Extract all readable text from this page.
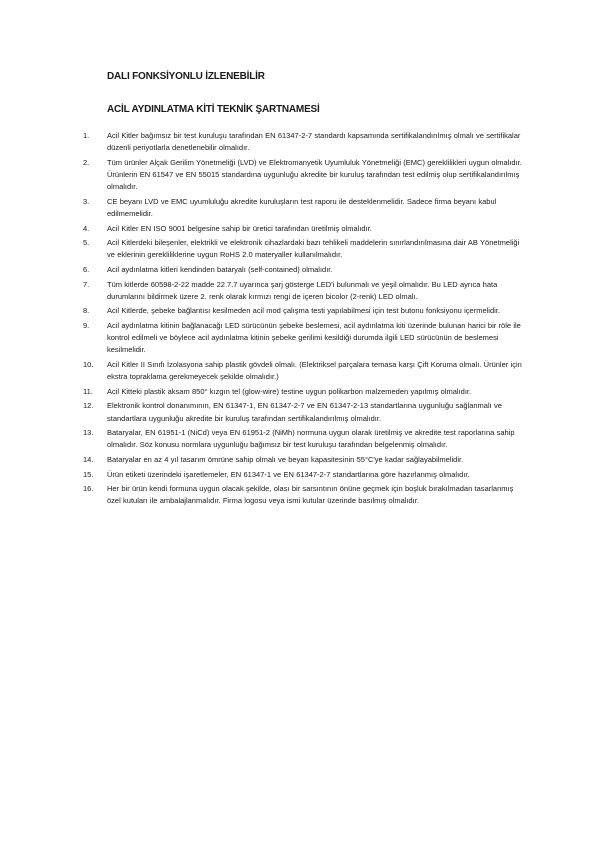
DALI FONKSİYONLU İZLENEBİLİR
ACİL AYDINLATMA KİTİ TEKNİK ŞARTNAMESİ
1.	Acil Kitler bağımsız bir test kuruluşu tarafından EN 61347-2-7 standardı kapsamında sertifikalandırılmış olmalı ve sertifikalar düzenli periyotlarla denetlenebilir olmalıdır.
2.	Tüm ürünler Alçak Gerilim Yönetmeliği (LVD) ve Elektromanyetik Uyumluluk Yönetmeliği (EMC) gereklilikleri uygun olmalıdır. Ürünlerin EN 61547 ve EN 55015 standardına uygunluğu akredite bir kuruluş tarafından test edilmiş olup sertifikalandırılmış olmalıdır.
3.	CE beyanı LVD ve EMC uyumluluğu akredite kuruluşların test raporu ile desteklenmelidir. Sadece firma beyanı kabul edilmemelidir.
4.	Acil Kitler EN ISO 9001 belgesine sahip bir üretici tarafından üretilmiş olmalıdır.
5.	Acil Kitlerdeki bileşenler, elektrikli ve elektronik cihazlardaki bazı tehlikeli maddelerin sınırlandırılmasına dair AB Yönetmeliği ve eklerinin gerekliliklerine uygun RoHS 2.0 materyaller kullanılmalıdır.
6.	Acil aydınlatma kitleri kendinden bataryalı (self-contained) olmalıdır.
7.	Tüm kitlerde 60598-2-22 madde 22.7.7 uyarınca şarj gösterge LED'i bulunmalı ve yeşil olmalıdır. Bu LED ayrıca hata durumlarını bildirmek üzere 2. renk olarak kırmızı rengi de içeren bicolor (2-renk) LED olmalı.
8.	Acil Kitlerde, şebeke bağlantısı kesilmeden acil mod çalışma testi yapılabilmesi için test butonu fonksiyonu içermelidir.
9.	Acil aydınlatma kitinin bağlanacağı LED sürücünün şebeke beslemesi, acil aydınlatma kiti üzerinde bulunan harici bir röle ile kontrol edilmeli ve böylece acil aydınlatma kitinin şebeke gerilimi kesildiği durumda ilgili LED sürücünün de beslemesi kesilmelidir.
10.	Acil Kitler II Sınıfı İzolasyona sahip plastik gövdeli olmalı. (Elektriksel parçalara temasa karşı Çift Koruma olmalı. Ürünler için ekstra topraklama gerekmeyecek şekilde olmalıdır.)
11.	Acil Kitteki plastik aksam 850° kızgın tel (glow-wire) testine uygun polikarbon malzemeden yapılmış olmalıdır.
12.	Elektronik kontrol donanımının, EN 61347-1, EN 61347-2-7 ve EN 61347-2-13 standartlarına uygunluğu sağlanmalı ve standartlara uygunluğu akredite bir kuruluş tarafından sertifikalandırılmış olmalıdır.
13.	Bataryalar, EN 61951-1 (NiCd) veya EN 61951-2 (NiMh) normuna uygun olarak üretilmiş ve akredite test raporlarına sahip olmalıdır. Söz konusu normlara uygunluğu bağımsız bir test kuruluşu tarafından belgelenmiş olmalıdır.
14.	Bataryalar en az 4 yıl tasarım ömrüne sahip olmalı ve beyan kapasitesinin 55°C'ye kadar sağlayabilmelidir.
15.	Ürün etiketi üzerindeki işaretlemeler, EN 61347-1 ve EN 61347-2-7 standartlarına göre hazırlanmış olmalıdır.
16.	Her bir ürün kendi formuna uygun olacak şekilde, olası bir sarsıntının önüne geçmek için boşluk bırakılmadan tasarlanmış özel kutuları ile ambalajlanmalıdır. Firma logosu veya ismi kutular üzerinde basılmış olmalıdır.
